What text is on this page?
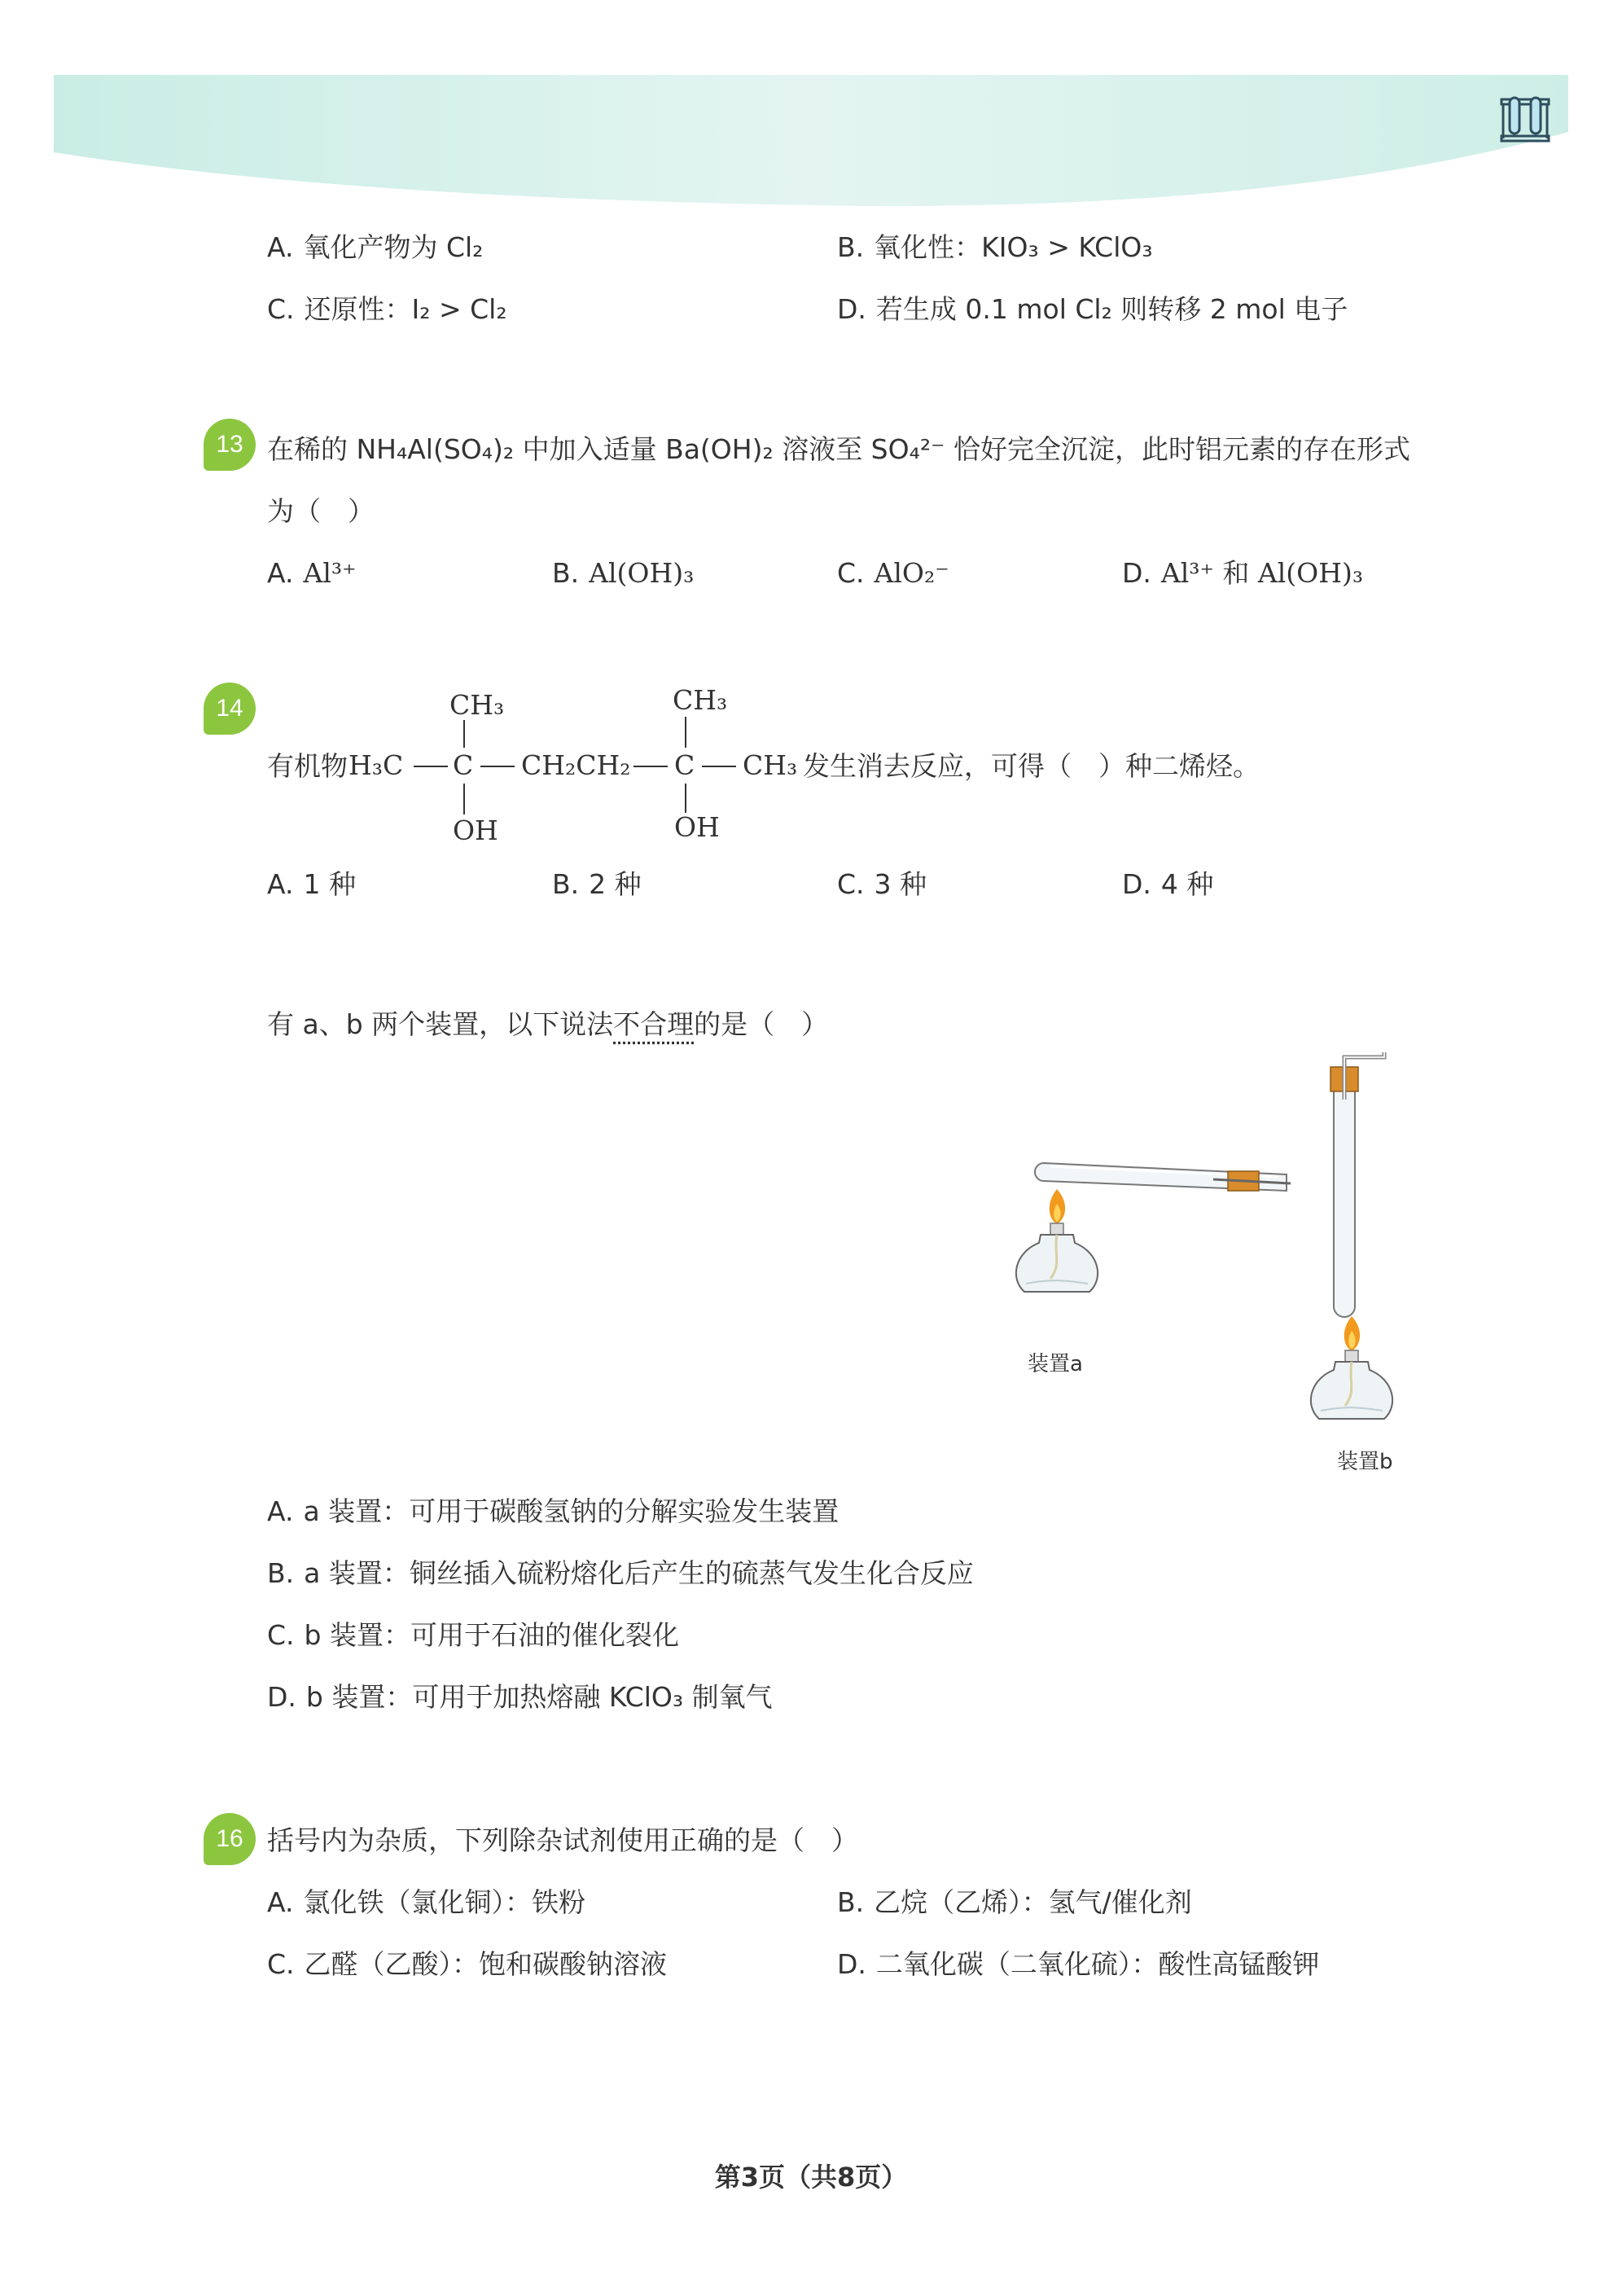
A. 氧化产物为 Cl₂	B. 氧化性：KIO₃ > KClO₃
C. 还原性：I₂ > Cl₂	D. 若生成 0.1 mol Cl₂ 则转移 2 mol 电子
13 在稀的 NH₄Al(SO₄)₂ 中加入适量 Ba(OH)₂ 溶液至 SO₄²⁻ 恰好完全沉淀，此时铝元素的存在形式
为（　）
A. Al³⁺	B. Al(OH)₃	C. AlO₂⁻	D. Al³⁺ 和 Al(OH)₃
14
有机物 H₃C C
CH₃
OH
CH₂CH₂ C
CH₃
OH
CH₃ 发生消去反应，可得（　）种二烯烃。
A. 1 种	B. 2 种	C. 3 种	D. 4 种
有 a、b 两个装置，以下说法不合理的是（　）
装置a
装置b
A. a 装置：可用于碳酸氢钠的分解实验发生装置
B. a 装置：铜丝插入硫粉熔化后产生的硫蒸气发生化合反应
C. b 装置：可用于石油的催化裂化
D. b 装置：可用于加热熔融 KClO₃ 制氧气
16 括号内为杂质，下列除杂试剂使用正确的是（　）
A. 氯化铁（氯化铜）：铁粉	B. 乙烷（乙烯）：氢气/催化剂
C. 乙醛（乙酸）：饱和碳酸钠溶液	D. 二氧化碳（二氧化硫）：酸性高锰酸钾
第3页（共8页）
